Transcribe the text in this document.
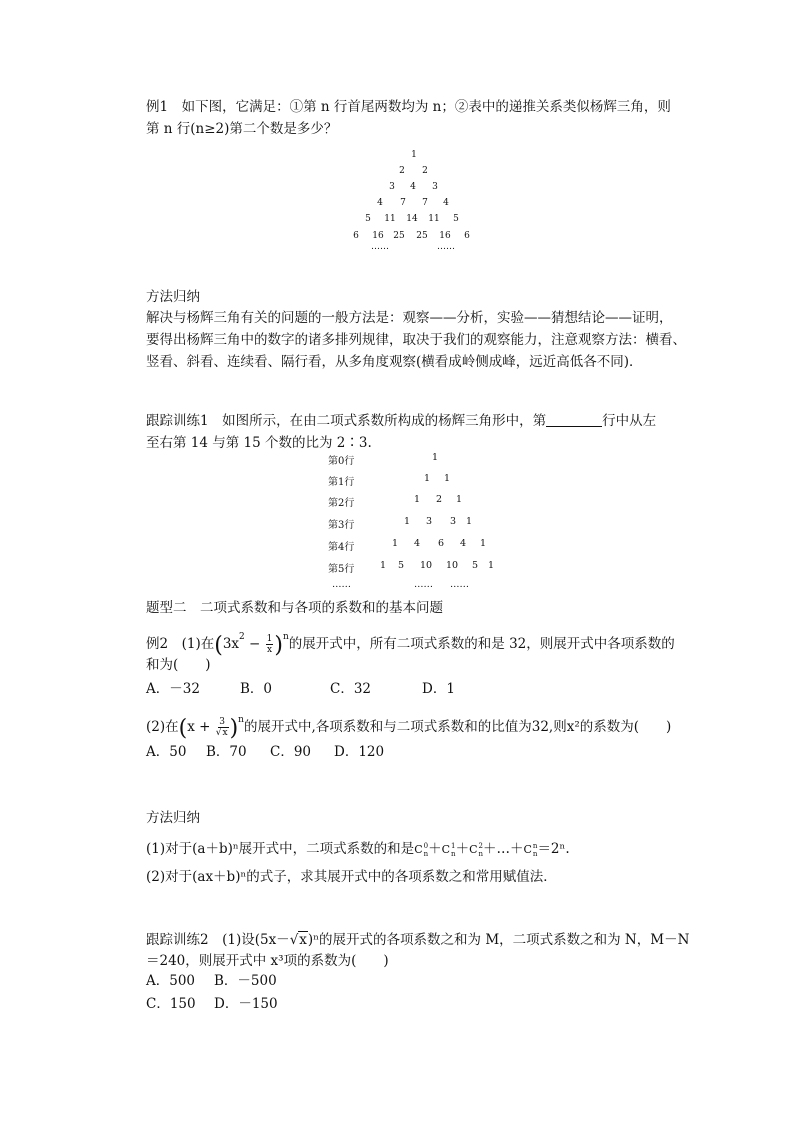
例1　如下图，它满足：①第 n 行首尾两数均为 n；②表中的递推关系类似杨辉三角，则
第 n 行(n≥2)第二个数是多少？
1
2 2
3 4 3
4 7 7 4
5 11 14 11 5
6 16 25 25 16 6
……	……
方法归纳
解决与杨辉三角有关的问题的一般方法是：观察——分析，实验——猜想结论——证明，
要得出杨辉三角中的数字的诸多排列规律，取决于我们的观察能力，注意观察方法：横看、
竖看、斜看、连续看、隔行看，从多角度观察(横看成岭侧成峰，远近高低各不同)．
跟踪训练1　如图所示，在由二项式系数所构成的杨辉三角形中，第	行中从左
至右第 14 与第 15 个数的比为 2∶3.
第0行	1
第1行	1 1
第2行	1 2 1
第3行	1 3 3 1
第4行	1 4 6 4 1
第5行	1 5 10 10 5 1
……	…… ……
题型二　二项式系数和与各项的系数和的基本问题
例2　(1)在$(3x^2 - \frac{1}{x} )^n$的展开式中，所有二项式系数的和是 32，则展开式中各项系数的
和为(　　)
A．－32	B．0	C．32	D．1
(2)在$(x + \frac{3}{√x} )^n$的展开式中,各项系数和与二项式系数和的比值为32,则x²的系数为(　　)
A．50 B．70 C．90 D．120
方法归纳
(1)对于(a＋b)ⁿ展开式中，二项式系数的和是C 0
n ＋C 1
n ＋C 2
n ＋…＋C n
n ＝2ⁿ.
(2)对于(ax＋b)ⁿ的式子，求其展开式中的各项系数之和常用赋值法．
跟踪训练2　(1)设(5x－√x)ⁿ的展开式的各项系数之和为 M，二项式系数之和为 N，M－N
＝240，则展开式中 x³项的系数为(　　)
A．500 B．－500
C．150 D．－150
